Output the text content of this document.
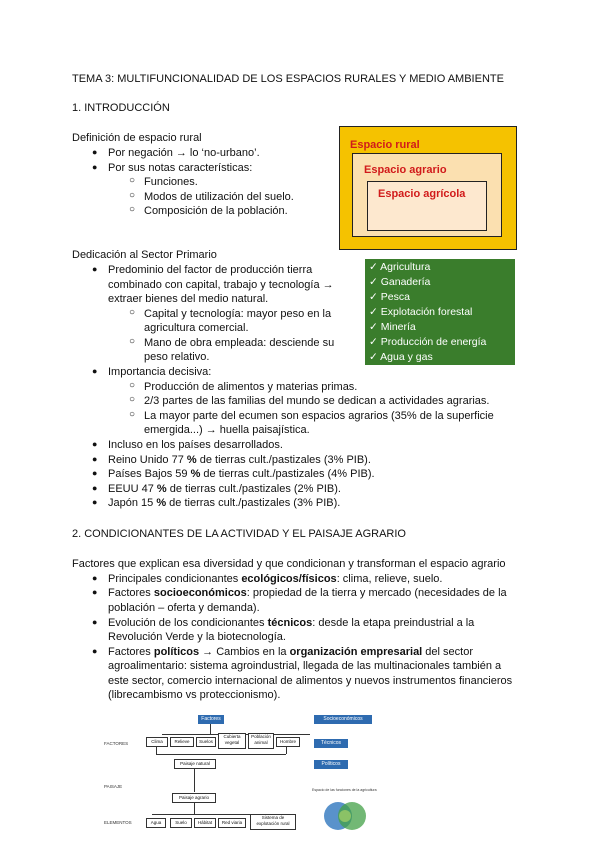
TEMA 3: MULTIFUNCIONALIDAD DE LOS ESPACIOS RURALES Y MEDIO AMBIENTE
1. INTRODUCCIÓN
Definición de espacio rural
● Por negación → lo ‘no-urbano’.
● Por sus notas características:
○ Funciones.
○ Modos de utilización del suelo.
○ Composición de la población.
Espacio rural
Espacio agrario
Espacio agrícola
Dedicación al Sector Primario
● Predominio del factor de producción tierra
combinado con capital, trabajo y tecnología →
extraer bienes del medio natural.
○ Capital y tecnología: mayor peso en la
agricultura comercial.
○ Mano de obra empleada: desciende su
peso relativo.
✓ Agricultura
✓ Ganadería
✓ Pesca
✓ Explotación forestal
✓ Minería
✓ Producción de energía
✓ Agua y gas
● Importancia decisiva:
○ Producción de alimentos y materias primas.
○ 2/3 partes de las familias del mundo se dedican a actividades agrarias.
○ La mayor parte del ecumen son espacios agrarios (35% de la superficie
emergida...) → huella paisajística.
● Incluso en los países desarrollados.
● Reino Unido 77 % de tierras cult./pastizales (3% PIB).
● Países Bajos 59 % de tierras cult./pastizales (4% PIB).
● EEUU 47 % de tierras cult./pastizales (2% PIB).
● Japón 15 % de tierras cult./pastizales (3% PIB).
2. CONDICIONANTES DE LA ACTIVIDAD Y EL PAISAJE AGRARIO
Factores que explican esa diversidad y que condicionan y transforman el espacio agrario
● Principales condicionantes ecológicos/físicos: clima, relieve, suelo.
● Factores socioeconómicos: propiedad de la tierra y mercado (necesidades de la
población – oferta y demanda).
● Evolución de los condicionantes técnicos: desde la etapa preindustrial a la
Revolución Verde y la biotecnología.
● Factores políticos → Cambios en la organización empresarial del sector
agroalimentario: sistema agroindustrial, llegada de las multinacionales también a
este sector, comercio internacional de alimentos y nuevos instrumentos financieros
(librecambismo vs proteccionismo).
Factores
FACTORES	Clima	Relieve	Suelos
Cubierta vegetal
Población animal	Hombre
Paisaje natural
PAISAJE
Paisaje agrario
ELEMENTOS	Agua	Suelo	Hábitat	Red viaria
Sistema de explotación rural
Socioeconómicos
Técnicos
Políticos
Espacio de las funciones de la agricultura
